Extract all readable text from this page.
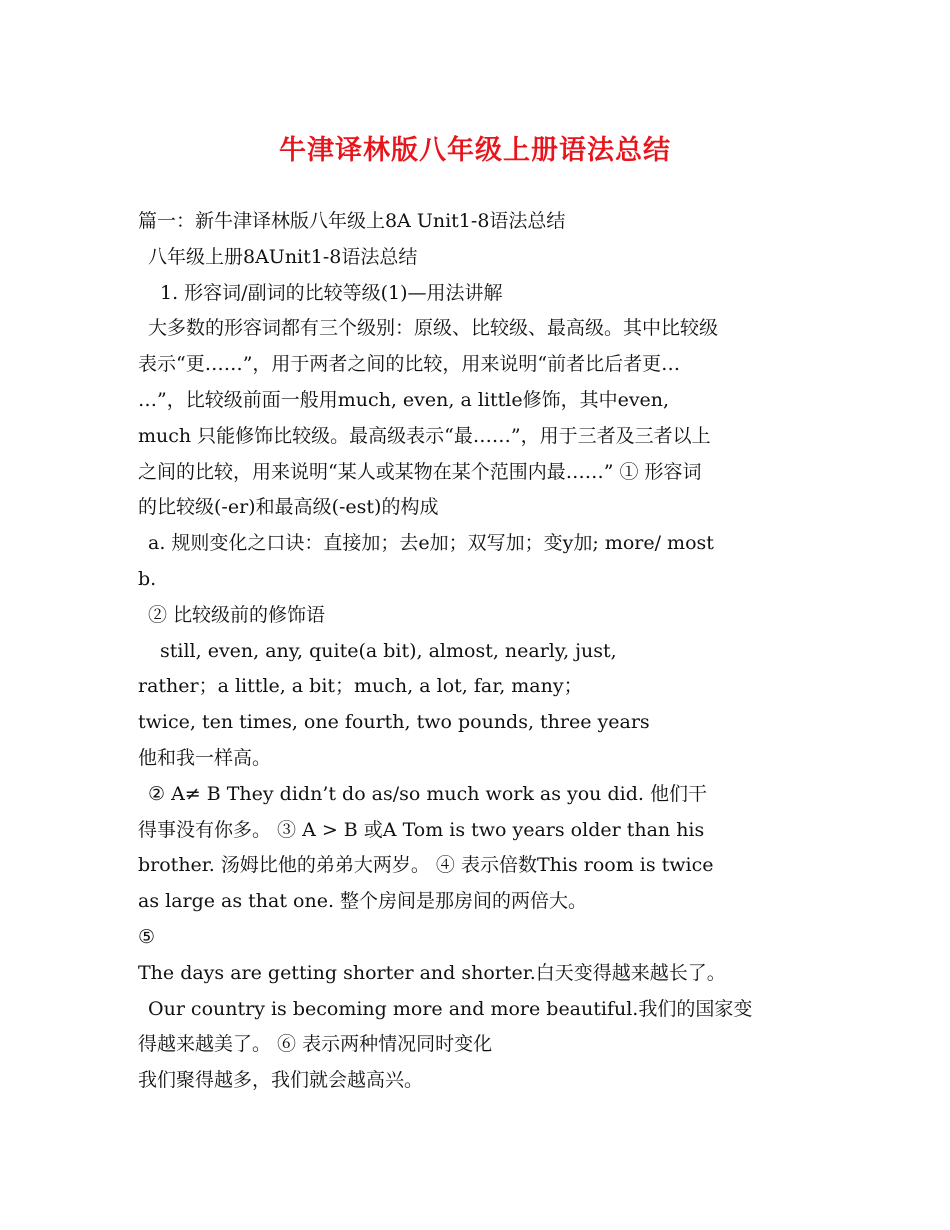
牛津译林版八年级上册语法总结
篇一：新牛津译林版八年级上8A Unit1-8语法总结
八年级上册8AUnit1-8语法总结
1. 形容词/副词的比较等级(1)—用法讲解
大多数的形容词都有三个级别：原级、比较级、最高级。其中比较级
表示“更……”，用于两者之间的比较，用来说明“前者比后者更…
…”，比较级前面一般用much, even, a little修饰，其中even,
much 只能修饰比较级。最高级表示“最……”，用于三者及三者以上
之间的比较，用来说明“某人或某物在某个范围内最……” ① 形容词
的比较级(-er)和最高级(-est)的构成
a. 规则变化之口诀：直接加；去e加；双写加；变y加; more/ most
b.
② 比较级前的修饰语
still, even, any, quite(a bit), almost, nearly, just,
rather；a little, a bit；much, a lot, far, many；
twice, ten times, one fourth, two pounds, three years
他和我一样高。
② A≠ B They didn’t do as/so much work as you did. 他们干
得事没有你多。 ③ A > B 或A Tom is two years older than his
brother. 汤姆比他的弟弟大两岁。 ④ 表示倍数This room is twice
as large as that one. 整个房间是那房间的两倍大。
⑤
The days are getting shorter and shorter.白天变得越来越长了。
Our country is becoming more and more beautiful.我们的国家变
得越来越美了。 ⑥ 表示两种情况同时变化
我们聚得越多，我们就会越高兴。
